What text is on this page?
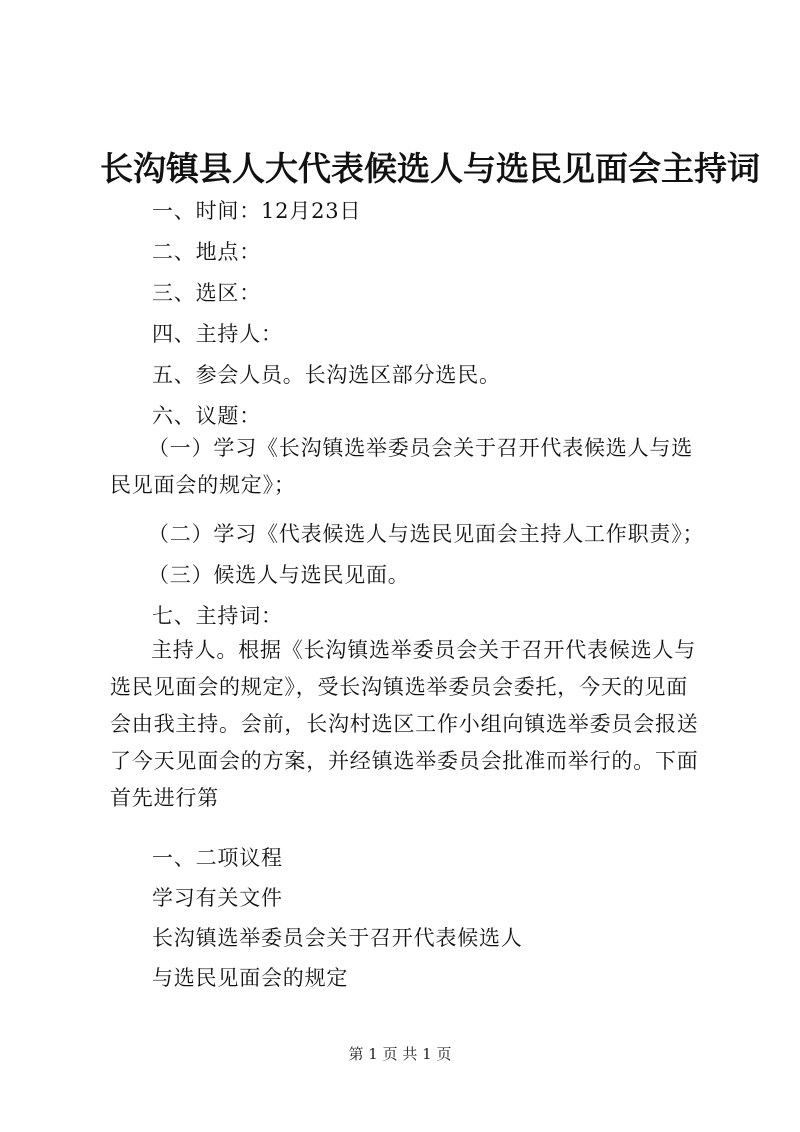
长沟镇县人大代表候选人与选民见面会主持词
一、时间：12月23日
二、地点：
三、选区：
四、主持人：
五、参会人员。长沟选区部分选民。
六、议题：

（一）学习《长沟镇选举委员会关于召开代表候选人与选民见面会的规定》；

（二）学习《代表候选人与选民见面会主持人工作职责》；
（三）候选人与选民见面。
七、主持词：

主持人。根据《长沟镇选举委员会关于召开代表候选人与选民见面会的规定》，受长沟镇选举委员会委托，今天的见面会由我主持。会前，长沟村选区工作小组向镇选举委员会报送了今天见面会的方案，并经镇选举委员会批准而举行的。下面首先进行第

一、二项议程
学习有关文件
长沟镇选举委员会关于召开代表候选人
与选民见面会的规定
第 1 页 共 1 页
